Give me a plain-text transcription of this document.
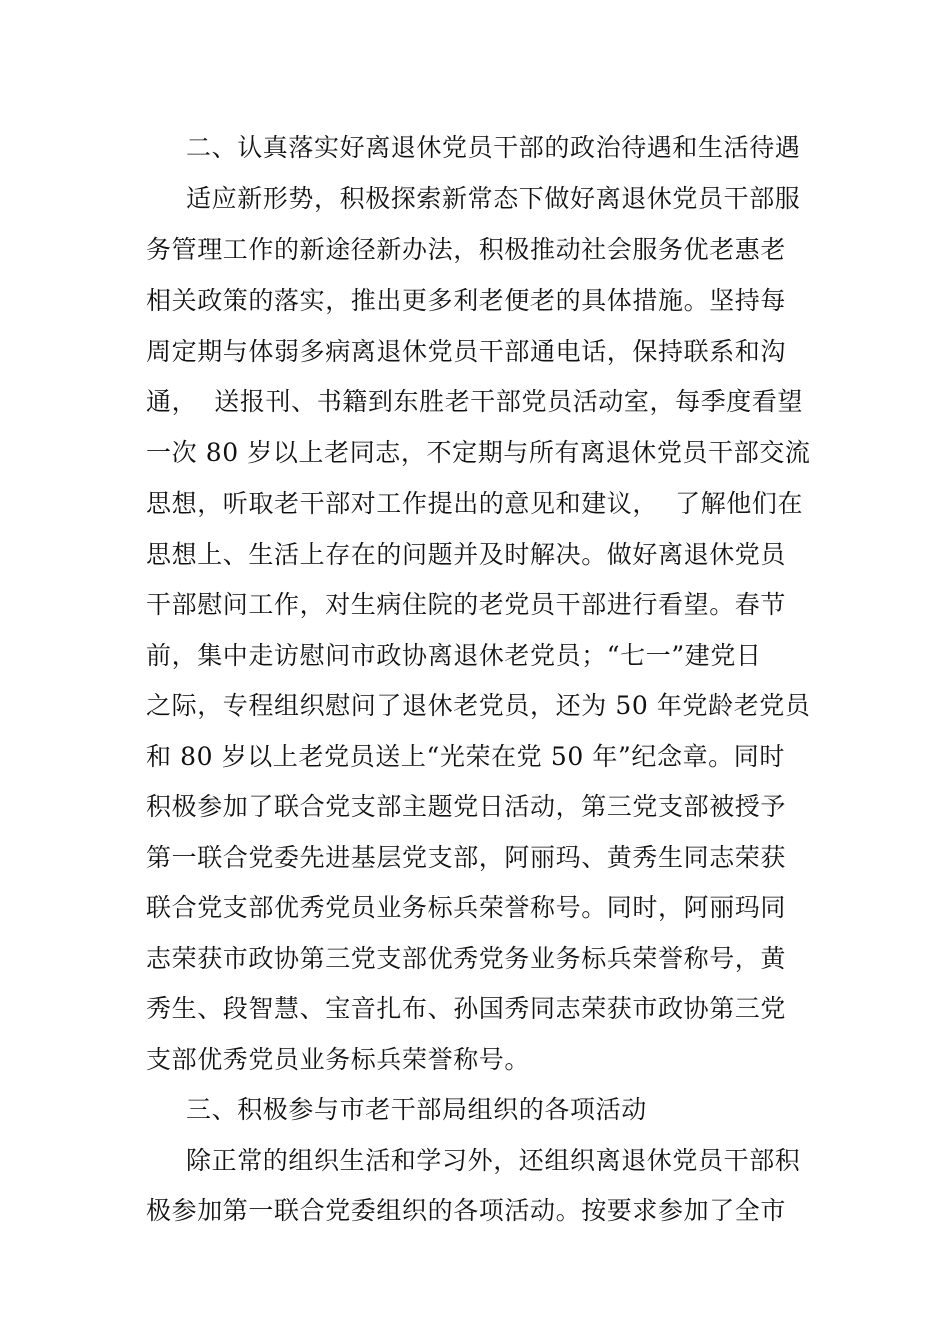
二、认真落实好离退休党员干部的政治待遇和生活待遇
适应新形势，积极探索新常态下做好离退休党员干部服
务管理工作的新途径新办法，积极推动社会服务优老惠老
相关政策的落实，推出更多利老便老的具体措施。坚持每
周定期与体弱多病离退休党员干部通电话，保持联系和沟
通，  送报刊、书籍到东胜老干部党员活动室，每季度看望
一次 80 岁以上老同志，不定期与所有离退休党员干部交流
思想，听取老干部对工作提出的意见和建议，  了解他们在
思想上、生活上存在的问题并及时解决。做好离退休党员
干部慰问工作，对生病住院的老党员干部进行看望。春节
前，集中走访慰问市政协离退休老党员；“七一”建党日
之际，专程组织慰问了退休老党员，还为 50 年党龄老党员
和 80 岁以上老党员送上“光荣在党 50 年”纪念章。同时
积极参加了联合党支部主题党日活动，第三党支部被授予
第一联合党委先进基层党支部，阿丽玛、黄秀生同志荣获
联合党支部优秀党员业务标兵荣誉称号。同时，阿丽玛同
志荣获市政协第三党支部优秀党务业务标兵荣誉称号，黄
秀生、段智慧、宝音扎布、孙国秀同志荣获市政协第三党
支部优秀党员业务标兵荣誉称号。
三、积极参与市老干部局组织的各项活动
除正常的组织生活和学习外，还组织离退休党员干部积
极参加第一联合党委组织的各项活动。按要求参加了全市
